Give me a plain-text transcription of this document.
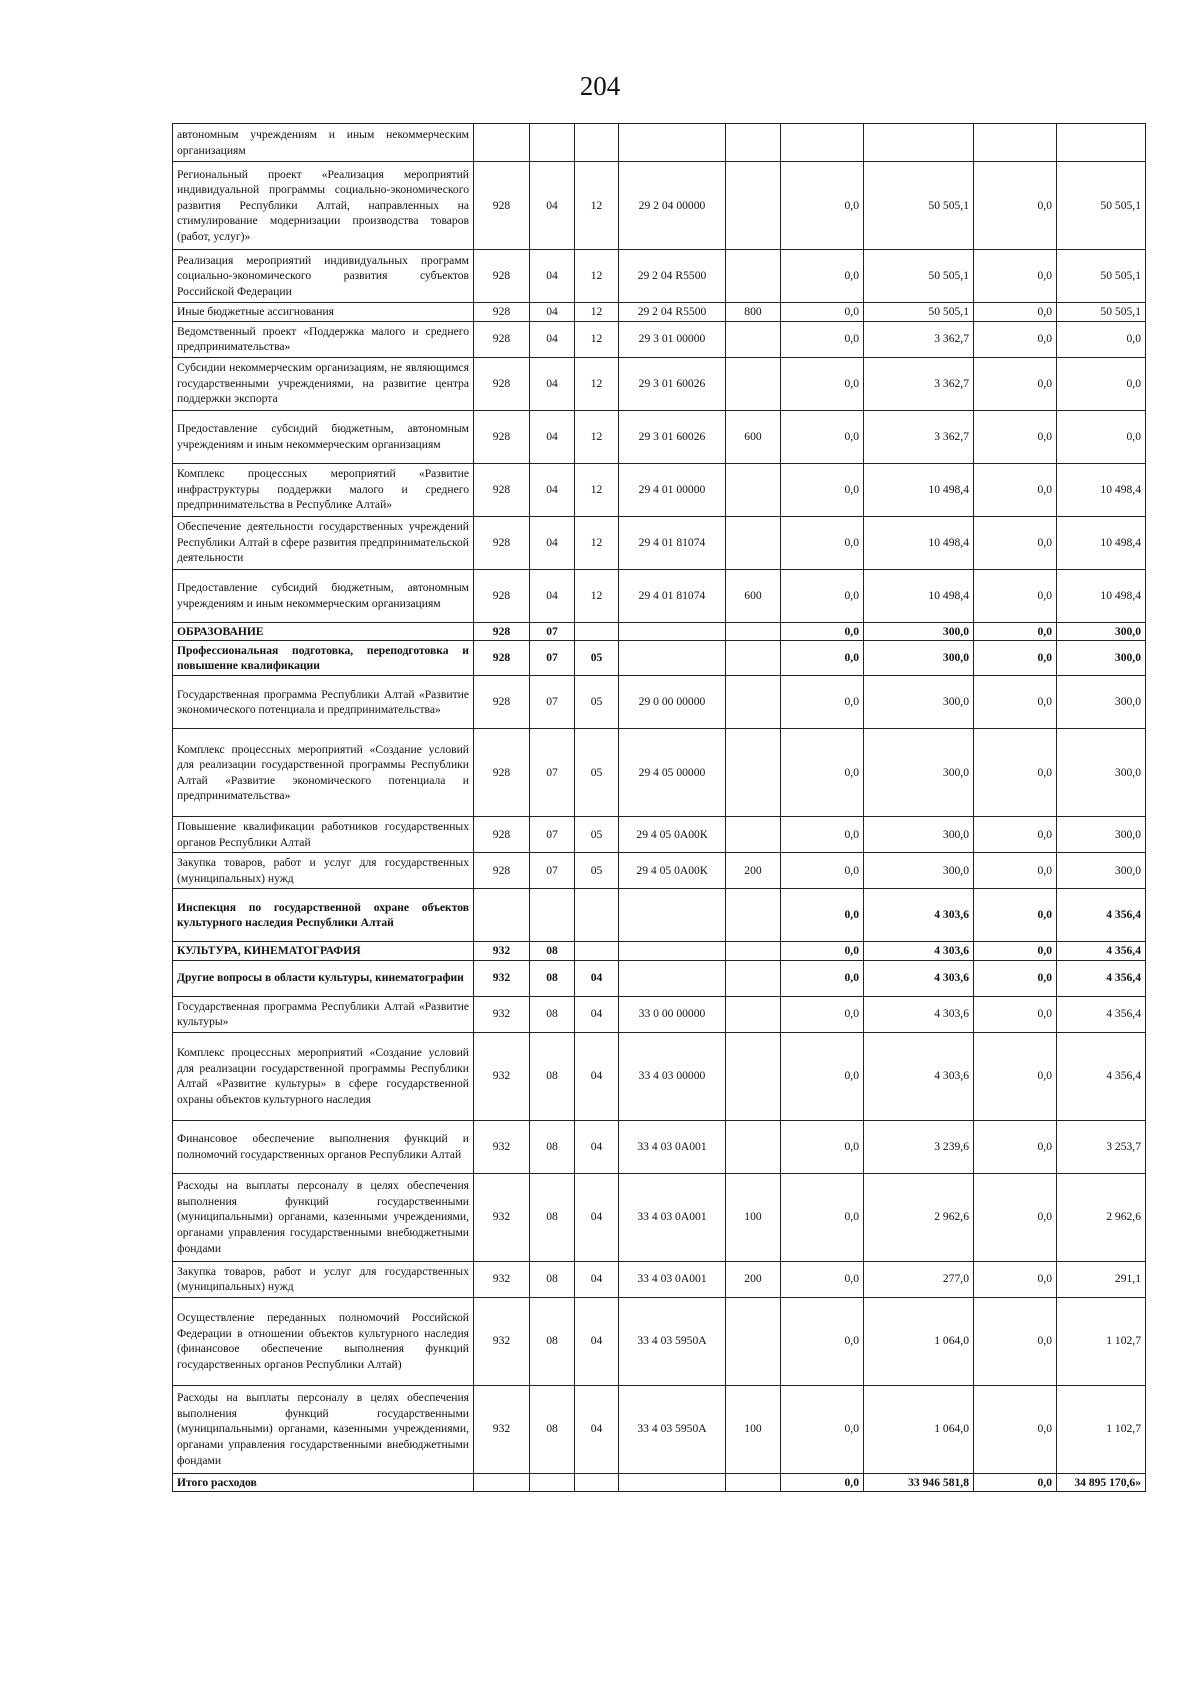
204
автономным учреждениям и иным некоммерческим организациям									
Региональный проект «Реализация мероприятий индивидуальной программы социально-экономического развития Республики Алтай, направленных на стимулирование модернизации производства товаров (работ, услуг)»	928	04	12	29 2 04 00000		0,0	50 505,1	0,0	50 505,1
Реализация мероприятий индивидуальных программ социально-экономического развития субъектов Российской Федерации	928	04	12	29 2 04 R5500		0,0	50 505,1	0,0	50 505,1
Иные бюджетные ассигнования	928	04	12	29 2 04 R5500	800	0,0	50 505,1	0,0	50 505,1
Ведомственный проект «Поддержка малого и среднего предпринимательства»	928	04	12	29 3 01 00000		0,0	3 362,7	0,0	0,0
Субсидии некоммерческим организациям, не являющимся государственными учреждениями, на развитие центра поддержки экспорта	928	04	12	29 3 01 60026		0,0	3 362,7	0,0	0,0
Предоставление субсидий бюджетным, автономным учреждениям и иным некоммерческим организациям	928	04	12	29 3 01 60026	600	0,0	3 362,7	0,0	0,0
Комплекс процессных мероприятий «Развитие инфраструктуры поддержки малого и среднего предпринимательства в Республике Алтай»	928	04	12	29 4 01 00000		0,0	10 498,4	0,0	10 498,4
Обеспечение деятельности государственных учреждений Республики Алтай в сфере развития предпринимательской деятельности	928	04	12	29 4 01 81074		0,0	10 498,4	0,0	10 498,4
Предоставление субсидий бюджетным, автономным учреждениям и иным некоммерческим организациям	928	04	12	29 4 01 81074	600	0,0	10 498,4	0,0	10 498,4
ОБРАЗОВАНИЕ	928	07				0,0	300,0	0,0	300,0
Профессиональная подготовка, переподготовка и повышение квалификации	928	07	05			0,0	300,0	0,0	300,0
Государственная программа Республики Алтай «Развитие экономического потенциала и предпринимательства»	928	07	05	29 0 00 00000		0,0	300,0	0,0	300,0
Комплекс процессных мероприятий «Создание условий для реализации государственной программы Республики Алтай «Развитие экономического потенциала и предпринимательства»	928	07	05	29 4 05 00000		0,0	300,0	0,0	300,0
Повышение квалификации работников государственных органов Республики Алтай	928	07	05	29 4 05 0А00К		0,0	300,0	0,0	300,0
Закупка товаров, работ и услуг для государственных (муниципальных) нужд	928	07	05	29 4 05 0А00К	200	0,0	300,0	0,0	300,0
Инспекция по государственной охране объектов культурного наследия Республики Алтай						0,0	4 303,6	0,0	4 356,4
КУЛЬТУРА, КИНЕМАТОГРАФИЯ	932	08				0,0	4 303,6	0,0	4 356,4
Другие вопросы в области культуры, кинематографии	932	08	04			0,0	4 303,6	0,0	4 356,4
Государственная программа Республики Алтай «Развитие культуры»	932	08	04	33 0 00 00000		0,0	4 303,6	0,0	4 356,4
Комплекс процессных мероприятий «Создание условий для реализации государственной программы Республики Алтай «Развитие культуры» в сфере государственной охраны объектов культурного наследия	932	08	04	33 4 03 00000		0,0	4 303,6	0,0	4 356,4
Финансовое обеспечение выполнения функций и полномочий государственных органов Республики Алтай	932	08	04	33 4 03 0А001		0,0	3 239,6	0,0	3 253,7
Расходы на выплаты персоналу в целях обеспечения выполнения функций государственными (муниципальными) органами, казенными учреждениями, органами управления государственными внебюджетными фондами	932	08	04	33 4 03 0А001	100	0,0	2 962,6	0,0	2 962,6
Закупка товаров, работ и услуг для государственных (муниципальных) нужд	932	08	04	33 4 03 0А001	200	0,0	277,0	0,0	291,1
Осуществление переданных полномочий Российской Федерации в отношении объектов культурного наследия (финансовое обеспечение выполнения функций государственных органов Республики Алтай)	932	08	04	33 4 03 5950А		0,0	1 064,0	0,0	1 102,7
Расходы на выплаты персоналу в целях обеспечения выполнения функций государственными (муниципальными) органами, казенными учреждениями, органами управления государственными внебюджетными фондами	932	08	04	33 4 03 5950А	100	0,0	1 064,0	0,0	1 102,7
Итого расходов						0,0	33 946 581,8	0,0	34 895 170,6»
